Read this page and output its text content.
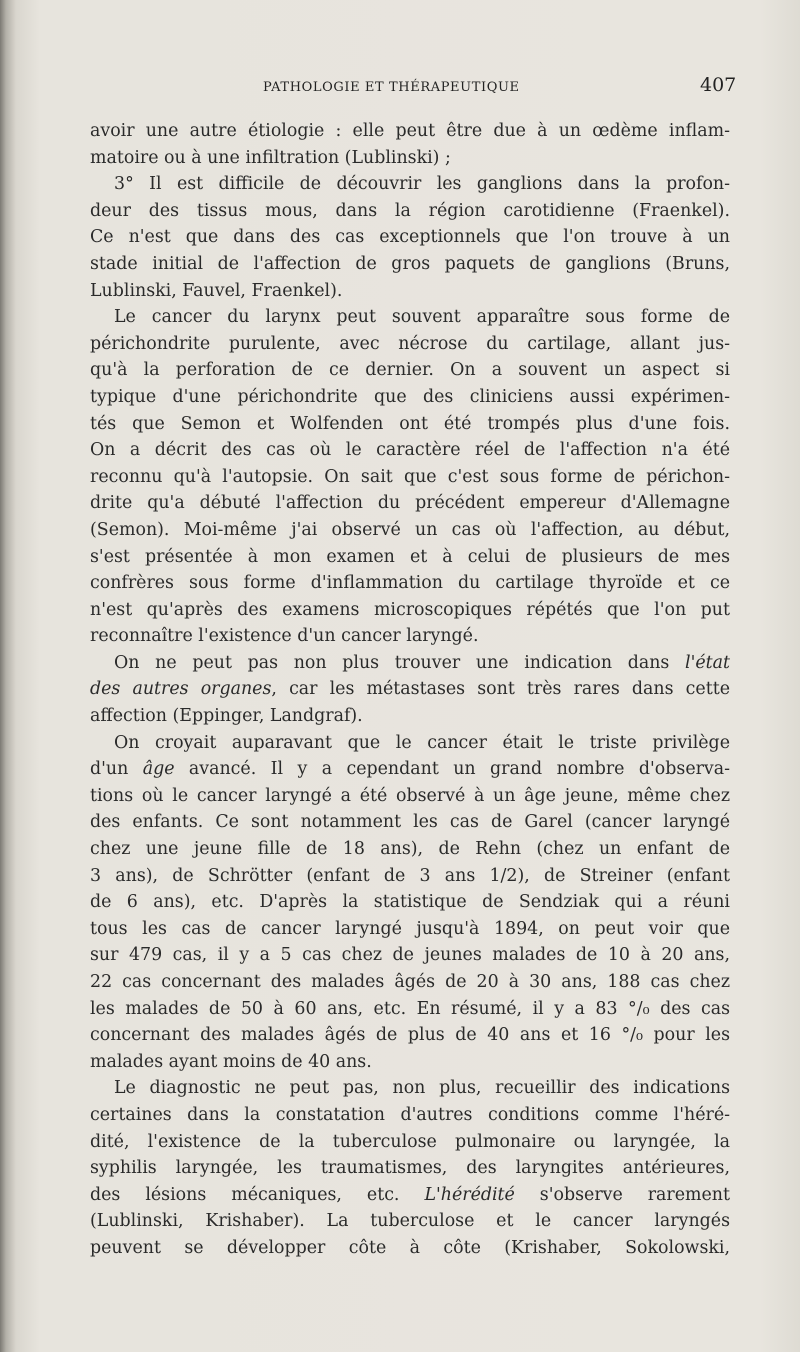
PATHOLOGIE ET THÉRAPEUTIQUE	407
avoir une autre étiologie : elle peut être due à un œdème inflam-
matoire ou à une infiltration (Lublinski) ;
3° Il est difficile de découvrir les ganglions dans la profon-
deur des tissus mous, dans la région carotidienne (Fraenkel).
Ce n'est que dans des cas exceptionnels que l'on trouve à un
stade initial de l'affection de gros paquets de ganglions (Bruns,
Lublinski, Fauvel, Fraenkel).
Le cancer du larynx peut souvent apparaître sous forme de
périchondrite purulente, avec nécrose du cartilage, allant jus-
qu'à la perforation de ce dernier. On a souvent un aspect si
typique d'une périchondrite que des cliniciens aussi expérimen-
tés que Semon et Wolfenden ont été trompés plus d'une fois.
On a décrit des cas où le caractère réel de l'affection n'a été
reconnu qu'à l'autopsie. On sait que c'est sous forme de périchon-
drite qu'a débuté l'affection du précédent empereur d'Allemagne
(Semon). Moi-même j'ai observé un cas où l'affection, au début,
s'est présentée à mon examen et à celui de plusieurs de mes
confrères sous forme d'inflammation du cartilage thyroïde et ce
n'est qu'après des examens microscopiques répétés que l'on put
reconnaître l'existence d'un cancer laryngé.
On ne peut pas non plus trouver une indication dans l'état
des autres organes, car les métastases sont très rares dans cette
affection (Eppinger, Landgraf).
On croyait auparavant que le cancer était le triste privilège
d'un âge avancé. Il y a cependant un grand nombre d'observa-
tions où le cancer laryngé a été observé à un âge jeune, même chez
des enfants. Ce sont notamment les cas de Garel (cancer laryngé
chez une jeune fille de 18 ans), de Rehn (chez un enfant de
3 ans), de Schrötter (enfant de 3 ans 1/2), de Streiner (enfant
de 6 ans), etc. D'après la statistique de Sendziak qui a réuni
tous les cas de cancer laryngé jusqu'à 1894, on peut voir que
sur 479 cas, il y a 5 cas chez de jeunes malades de 10 à 20 ans,
22 cas concernant des malades âgés de 20 à 30 ans, 188 cas chez
les malades de 50 à 60 ans, etc. En résumé, il y a 83 °/₀ des cas
concernant des malades âgés de plus de 40 ans et 16 °/₀ pour les
malades ayant moins de 40 ans.
Le diagnostic ne peut pas, non plus, recueillir des indications
certaines dans la constatation d'autres conditions comme l'héré-
dité, l'existence de la tuberculose pulmonaire ou laryngée, la
syphilis laryngée, les traumatismes, des laryngites antérieures,
des lésions mécaniques, etc. L'hérédité s'observe rarement
(Lublinski, Krishaber). La tuberculose et le cancer laryngés
peuvent se développer côte à côte (Krishaber, Sokolowski,
